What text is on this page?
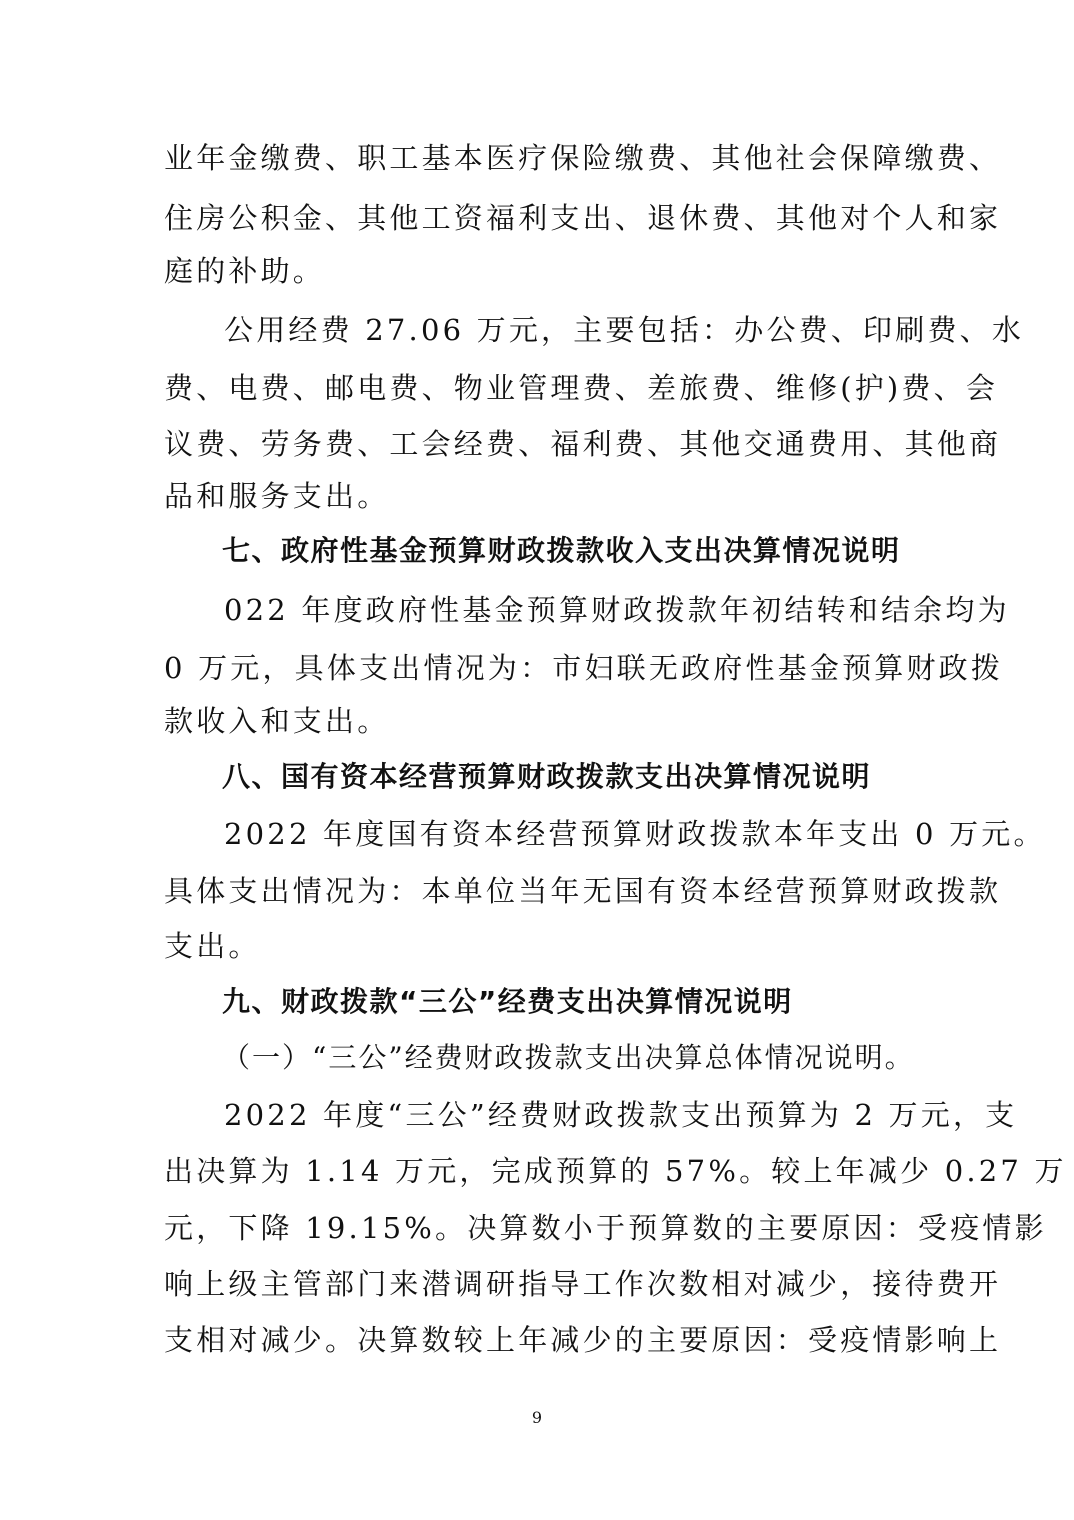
业年金缴费、职工基本医疗保险缴费、其他社会保障缴费、
住房公积金、其他工资福利支出、退休费、其他对个人和家
庭的补助。
公用经费 27.06 万元，主要包括：办公费、印刷费、水
费、电费、邮电费、物业管理费、差旅费、维修(护)费、会
议费、劳务费、工会经费、福利费、其他交通费用、其他商
品和服务支出。
七、政府性基金预算财政拨款收入支出决算情况说明
022 年度政府性基金预算财政拨款年初结转和结余均为
0 万元，具体支出情况为：市妇联无政府性基金预算财政拨
款收入和支出。
八、国有资本经营预算财政拨款支出决算情况说明
2022 年度国有资本经营预算财政拨款本年支出 0 万元。
具体支出情况为：本单位当年无国有资本经营预算财政拨款
支出。
九、财政拨款“三公”经费支出决算情况说明
（一）“三公”经费财政拨款支出决算总体情况说明。
2022 年度“三公”经费财政拨款支出预算为 2 万元，支
出决算为 1.14 万元，完成预算的 57%。较上年减少 0.27 万
元，下降 19.15%。决算数小于预算数的主要原因：受疫情影
响上级主管部门来潜调研指导工作次数相对减少，接待费开
支相对减少。决算数较上年减少的主要原因：受疫情影响上
9
